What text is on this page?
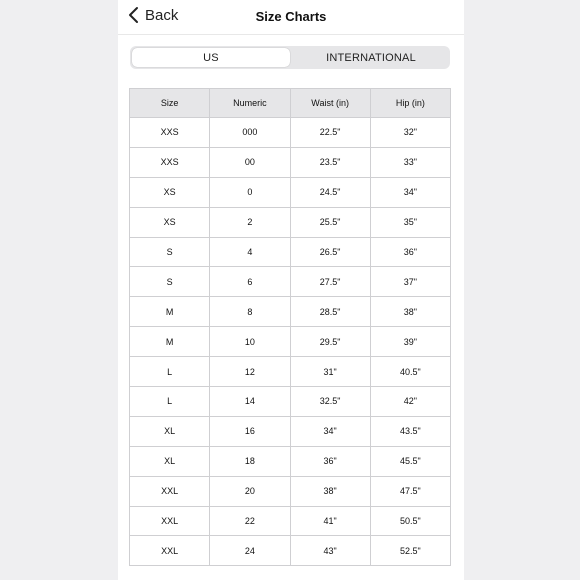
Back	Size Charts
US	INTERNATIONAL
Size	Numeric	Waist (in)	Hip (in)
XXS	000	22.5"	32"
XXS	00	23.5"	33"
XS	0	24.5"	34"
XS	2	25.5"	35"
S	4	26.5"	36"
S	6	27.5"	37"
M	8	28.5"	38"
M	10	29.5"	39"
L	12	31"	40.5"
L	14	32.5"	42"
XL	16	34"	43.5"
XL	18	36"	45.5"
XXL	20	38"	47.5"
XXL	22	41"	50.5"
XXL	24	43"	52.5"
